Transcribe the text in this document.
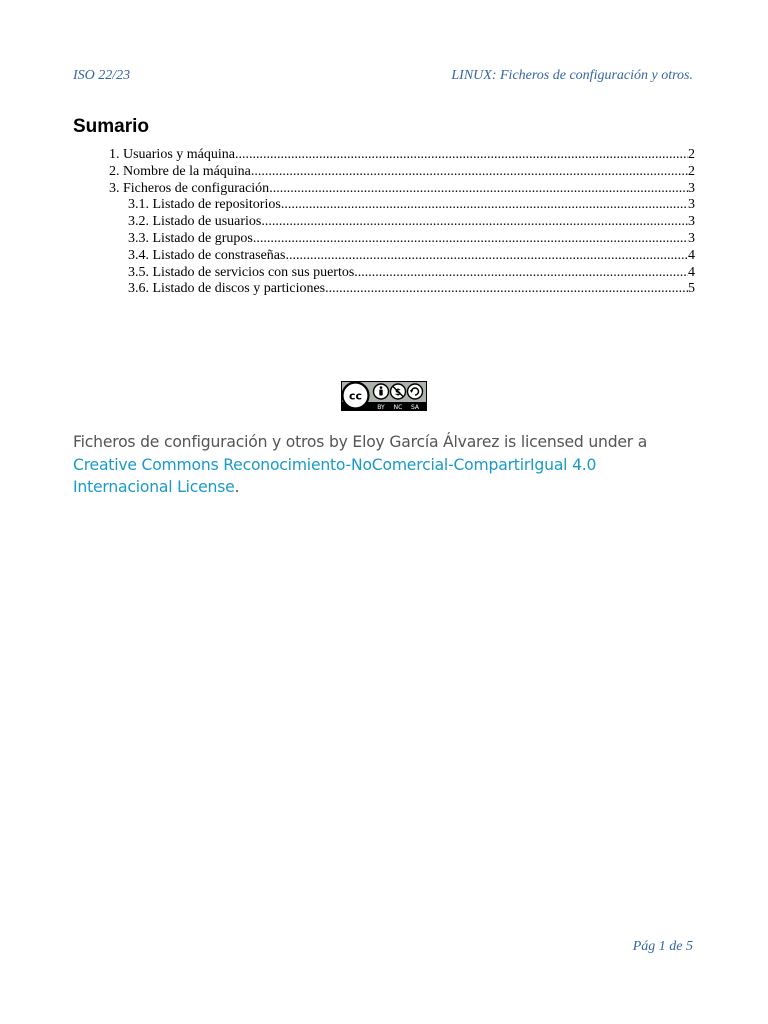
ISO 22/23	LINUX: Ficheros de configuración y otros.
Sumario
1. Usuarios y máquina .....	2
2. Nombre de la máquina .....	2
3. Ficheros de configuración .....	3
3.1. Listado de repositorios .....	3
3.2. Listado de usuarios .....	3
3.3. Listado de grupos .....	3
3.4. Listado de constraseñas .....	4
3.5. Listado de servicios con sus puertos .....	4
3.6. Listado de discos y particiones .....	5
cc	$
BY NC SA

Ficheros de configuración y otros by Eloy García Álvarez is licensed under a Creative Commons Reconocimiento-NoComercial-CompartirIgual 4.0 Internacional License.

Pág 1 de 5
